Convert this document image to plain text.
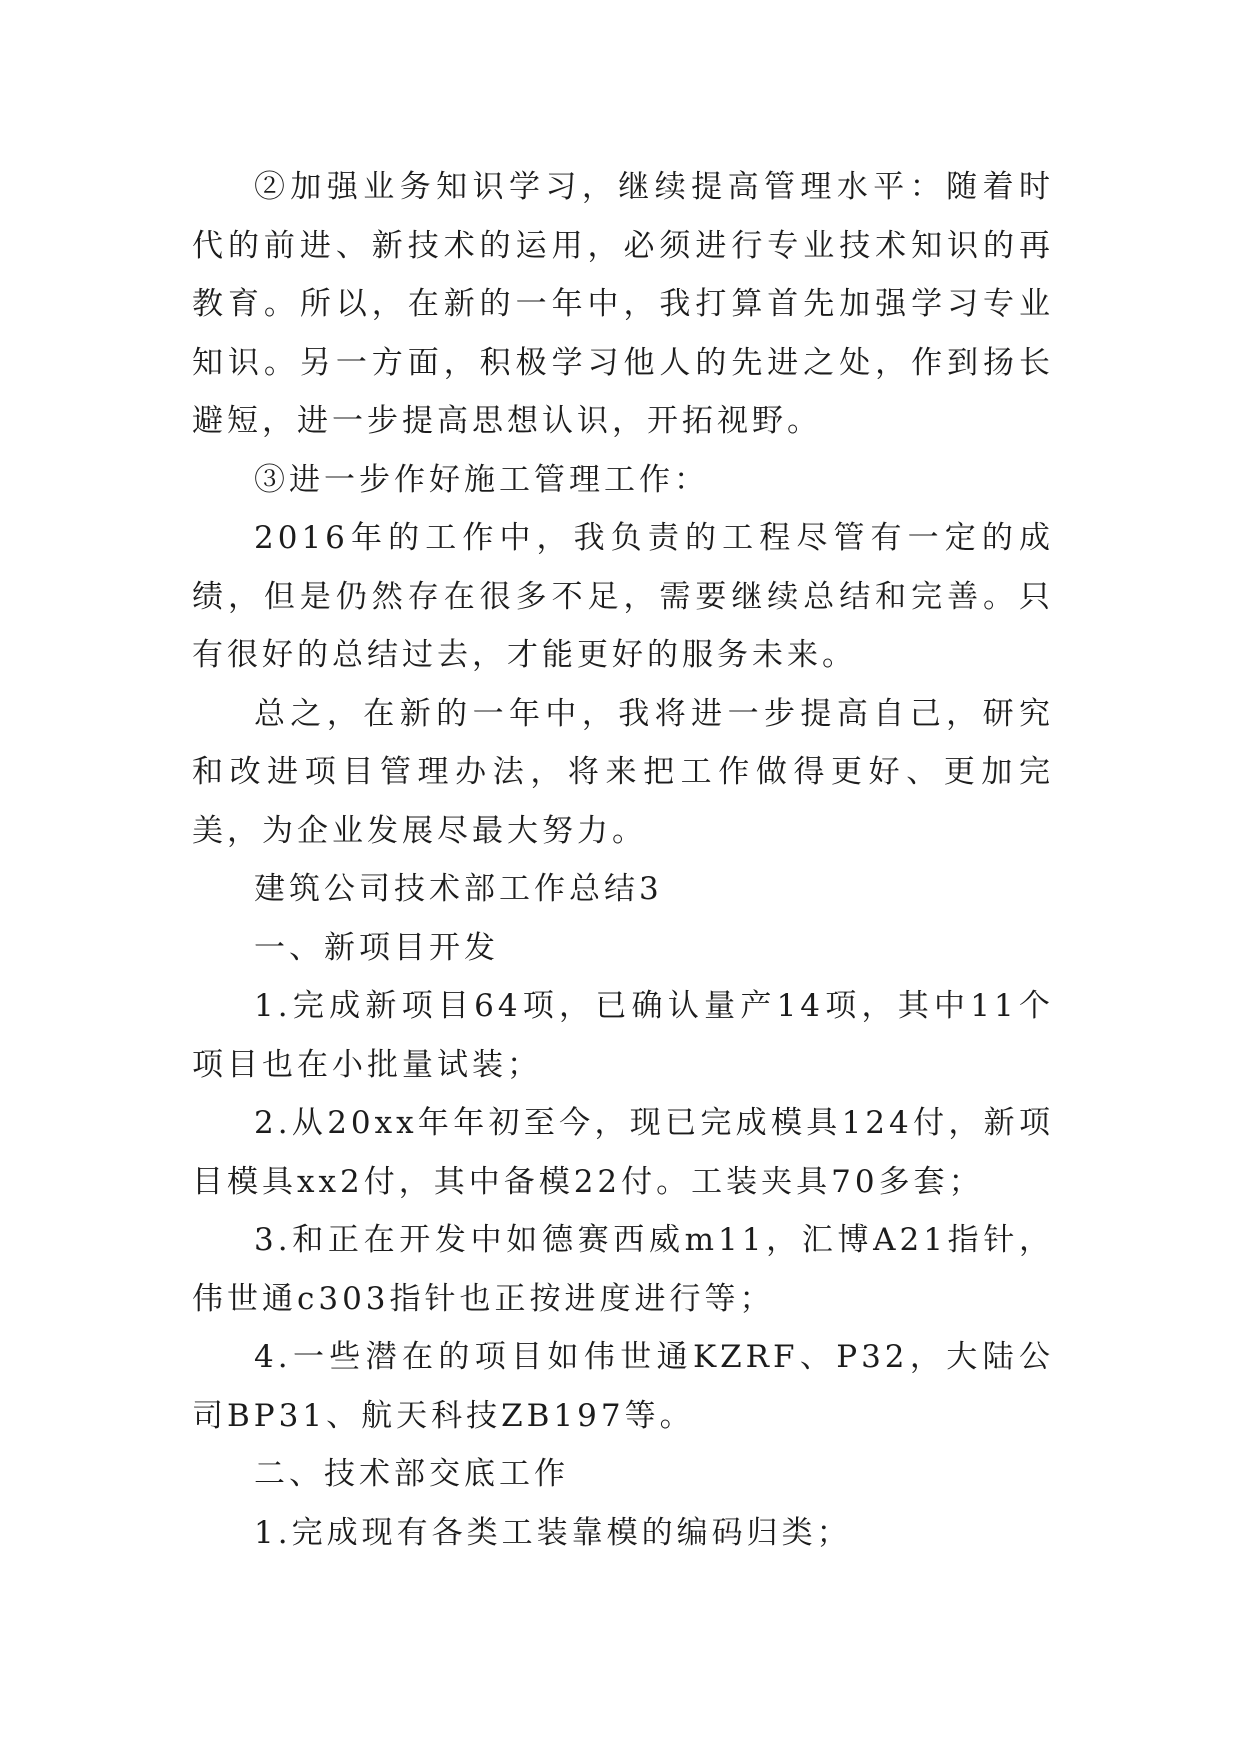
②加强业务知识学习，继续提高管理水平：随着时代的前进、新技术的运用，必须进行专业技术知识的再教育。所以，在新的一年中，我打算首先加强学习专业知识。另一方面，积极学习他人的先进之处，作到扬长避短，进一步提高思想认识，开拓视野。

③进一步作好施工管理工作：

2016年的工作中，我负责的工程尽管有一定的成绩，但是仍然存在很多不足，需要继续总结和完善。只有很好的总结过去，才能更好的服务未来。

总之，在新的一年中，我将进一步提高自己，研究和改进项目管理办法，将来把工作做得更好、更加完美，为企业发展尽最大努力。

建筑公司技术部工作总结3

一、新项目开发

1.完成新项目64项，已确认量产14项，其中11个项目也在小批量试装；

2.从20xx年年初至今，现已完成模具124付，新项目模具xx2付，其中备模22付。工装夹具70多套；

3.和正在开发中如德赛西威m11，汇博A21指针，伟世通c303指针也正按进度进行等；

4.一些潜在的项目如伟世通KZRF、P32，大陆公司BP31、航天科技ZB197等。

二、技术部交底工作

1.完成现有各类工装靠模的编码归类；
